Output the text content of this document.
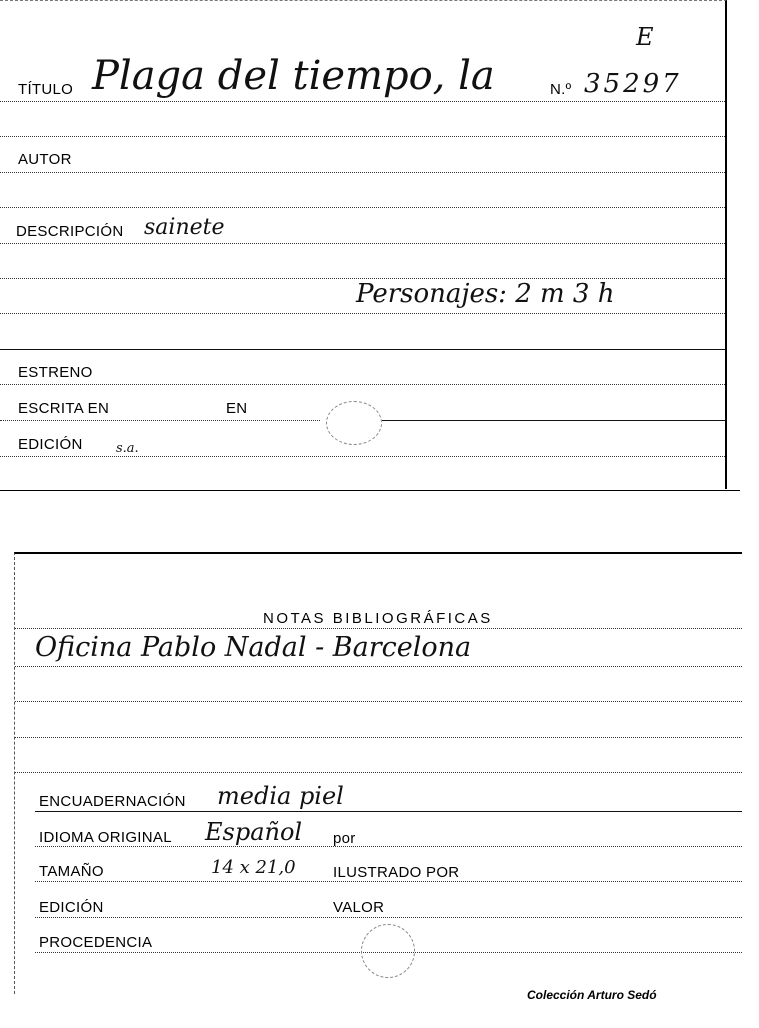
E
TÍTULO Plaga del tiempo, la	N.º 35297
AUTOR
DESCRIPCIÓN sainete
Personajes: 2 m 3 h
ESTRENO
ESCRITA EN	EN
EDICIÓN	s.a.
NOTAS BIBLIOGRÁFICAS
Oficina Pablo Nadal - Barcelona
ENCUADERNACIÓN media piel
IDIOMA ORIGINAL Español por
TAMAÑO	14 x 21,0 ILUSTRADO POR
EDICIÓN	VALOR
PROCEDENCIA
Colección Arturo Sedó
